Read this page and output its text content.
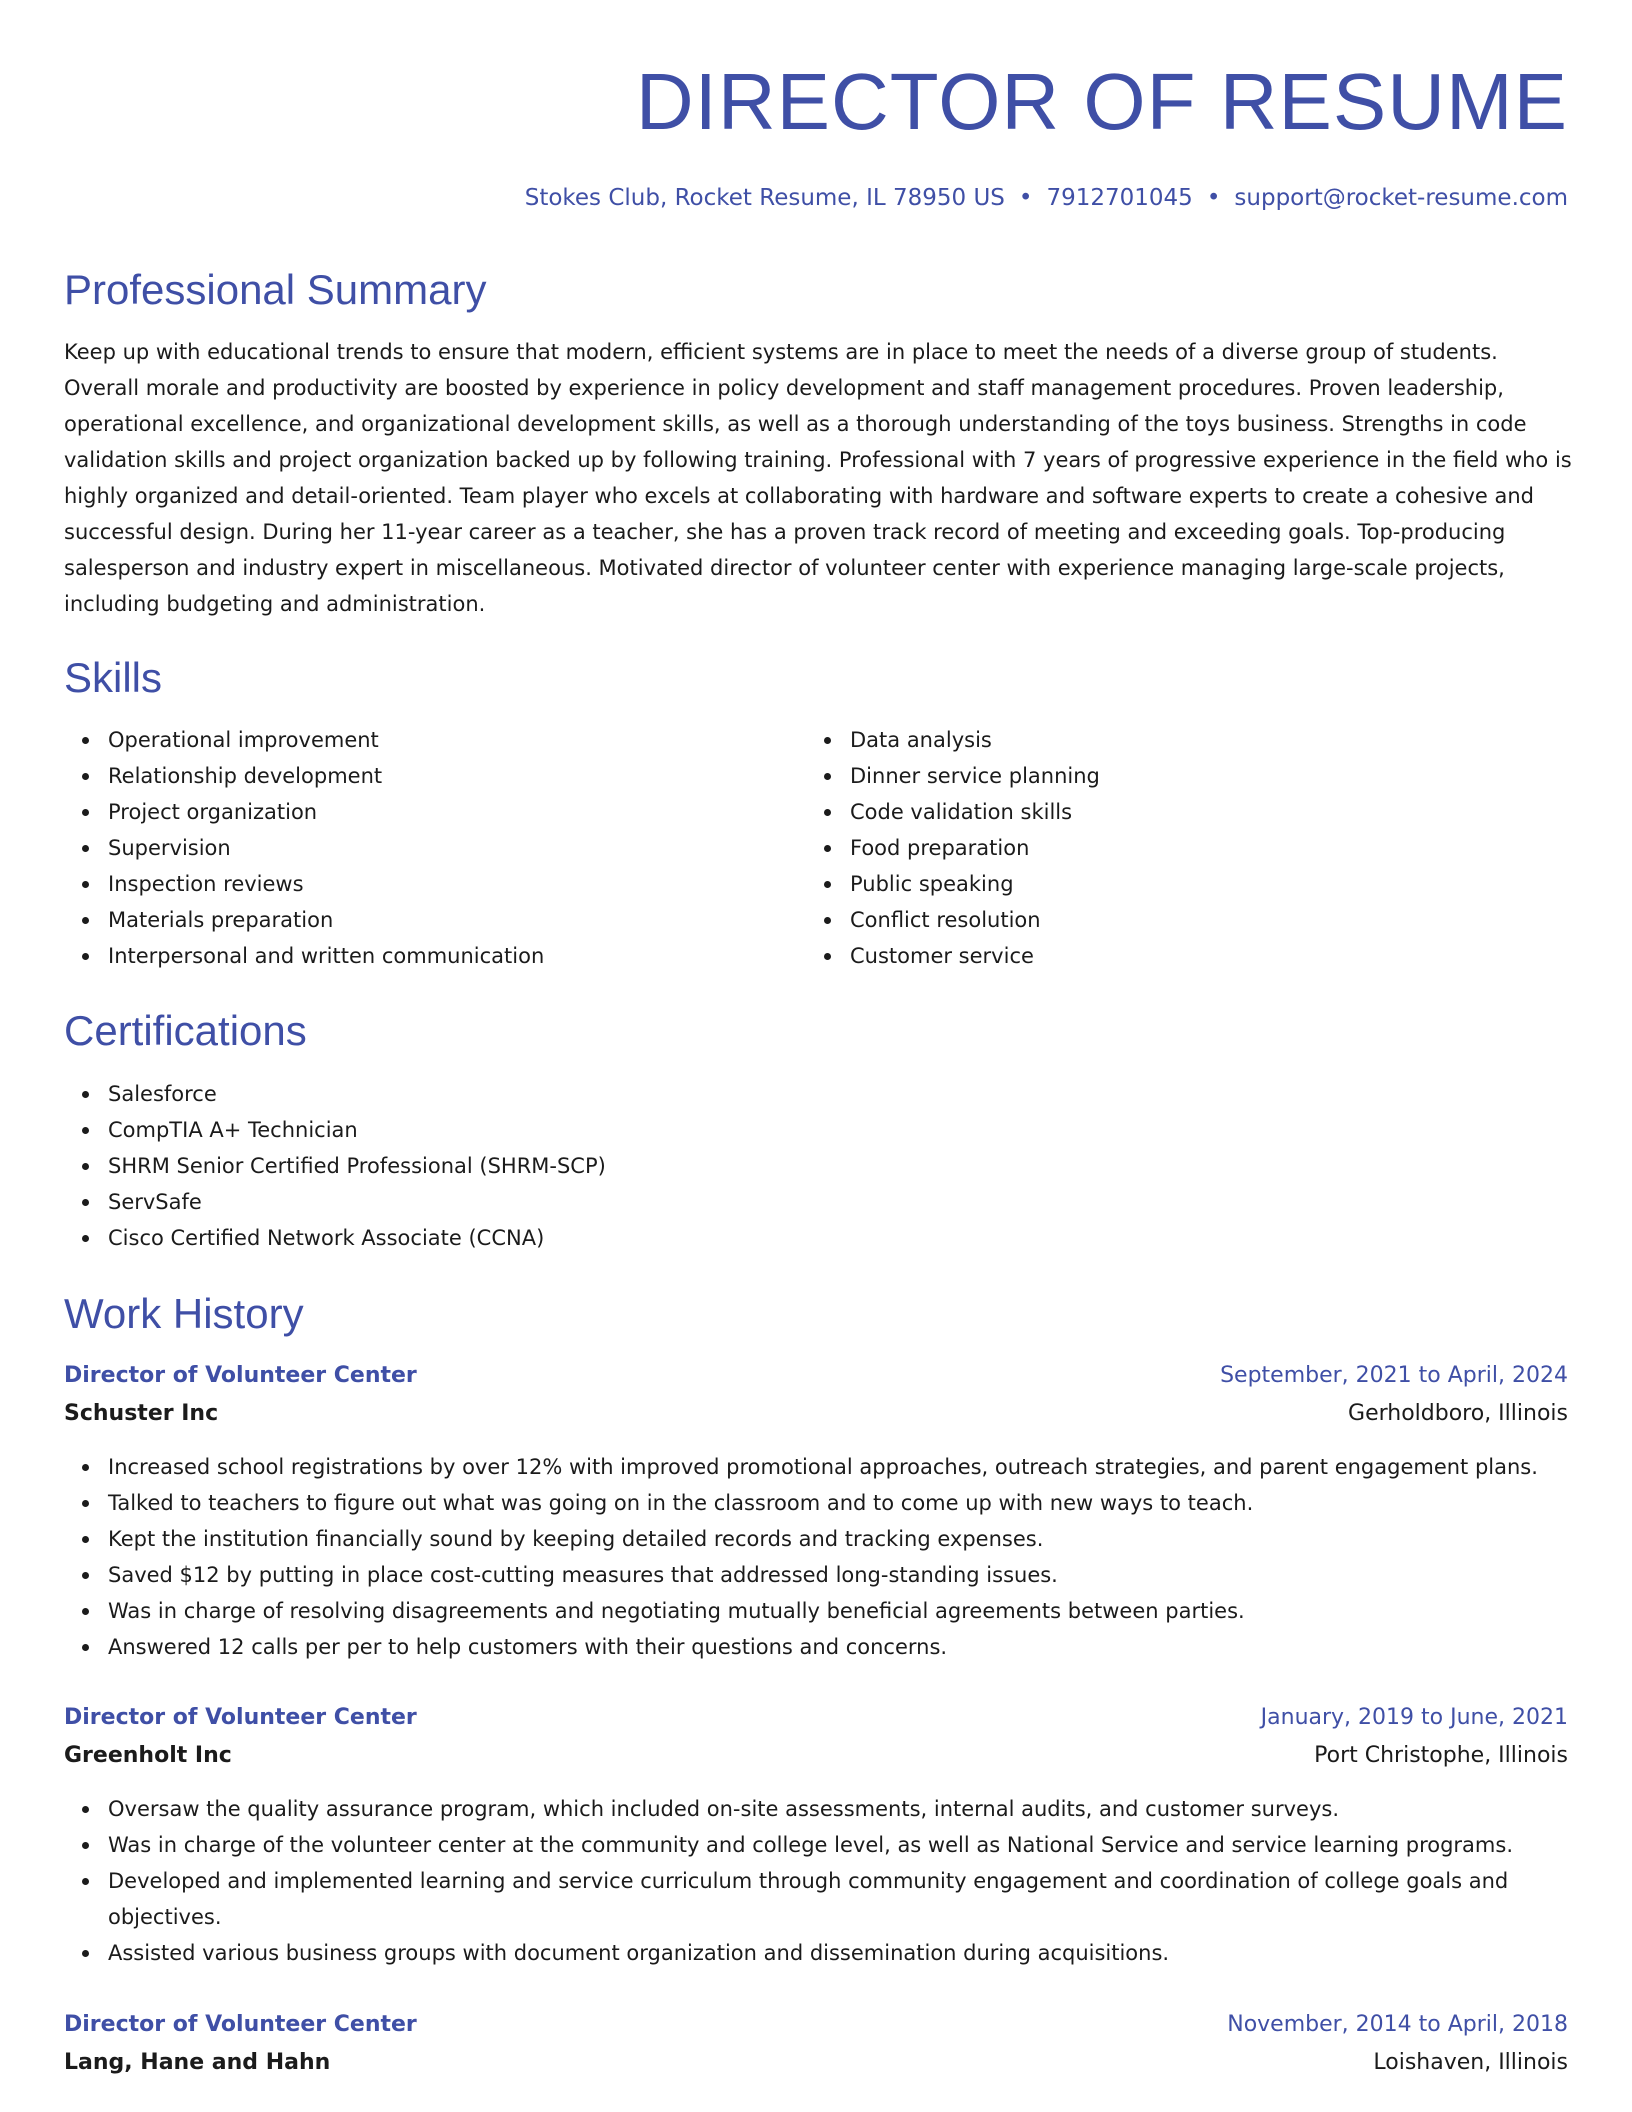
DIRECTOR OF RESUME
Stokes Club, Rocket Resume, IL 78950 US • 7912701045 • support@rocket-resume.com
Professional Summary

Keep up with educational trends to ensure that modern, efficient systems are in place to meet the needs of a diverse group of students. Overall morale and productivity are boosted by experience in policy development and staff management procedures. Proven leadership, operational excellence, and organizational development skills, as well as a thorough understanding of the toys business. Strengths in code validation skills and project organization backed up by following training. Professional with 7 years of progressive experience in the field who is highly organized and detail-oriented. Team player who excels at collaborating with hardware and software experts to create a cohesive and successful design. During her 11-year career as a teacher, she has a proven track record of meeting and exceeding goals. Top-producing salesperson and industry expert in miscellaneous. Motivated director of volunteer center with experience managing large-scale projects, including budgeting and administration.

Skills
Operational improvement
Relationship development
Project organization
Supervision
Inspection reviews
Materials preparation
Interpersonal and written communication
Data analysis
Dinner service planning
Code validation skills
Food preparation
Public speaking
Conflict resolution
Customer service
Certifications
Salesforce
CompTIA A+ Technician
SHRM Senior Certified Professional (SHRM-SCP)
ServSafe
Cisco Certified Network Associate (CCNA)
Work History
Director of Volunteer Center	September, 2021 to April, 2024
Schuster Inc	Gerholdboro, Illinois
Increased school registrations by over 12% with improved promotional approaches, outreach strategies, and parent engagement plans.
Talked to teachers to figure out what was going on in the classroom and to come up with new ways to teach.
Kept the institution financially sound by keeping detailed records and tracking expenses.
Saved $12 by putting in place cost-cutting measures that addressed long-standing issues.
Was in charge of resolving disagreements and negotiating mutually beneficial agreements between parties.
Answered 12 calls per per to help customers with their questions and concerns.
Director of Volunteer Center	January, 2019 to June, 2021
Greenholt Inc	Port Christophe, Illinois
Oversaw the quality assurance program, which included on-site assessments, internal audits, and customer surveys.
Was in charge of the volunteer center at the community and college level, as well as National Service and service learning programs.
Developed and implemented learning and service curriculum through community engagement and coordination of college goals and objectives.
Assisted various business groups with document organization and dissemination during acquisitions.
Director of Volunteer Center	November, 2014 to April, 2018
Lang, Hane and Hahn	Loishaven, Illinois
